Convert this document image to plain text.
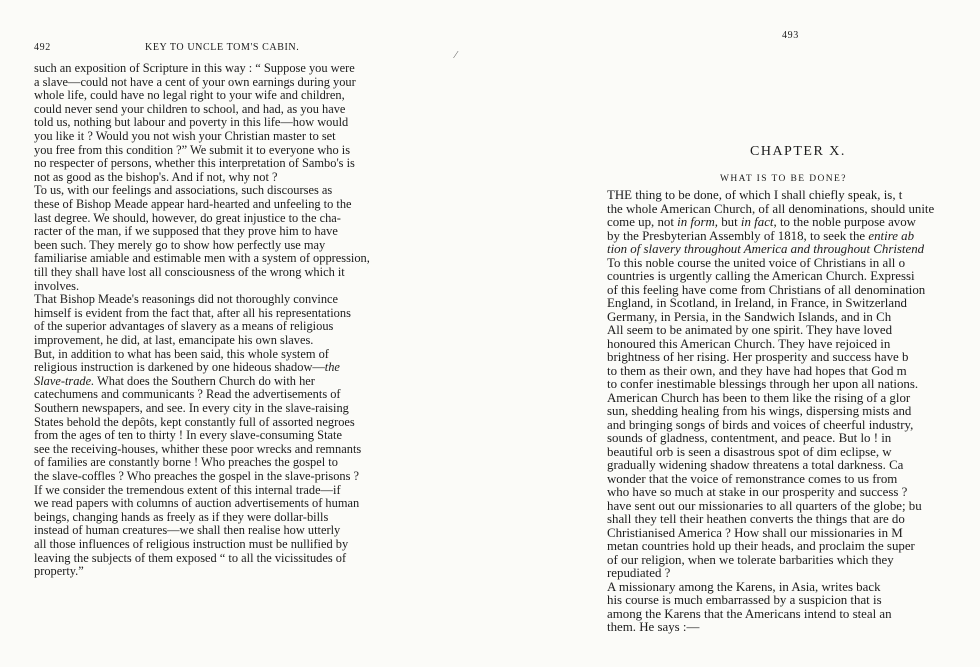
492	KEY TO UNCLE TOM'S CABIN.
such an exposition of Scripture in this way : “ Suppose you were
a slave—could not have a cent of your own earnings during your
whole life, could have no legal right to your wife and children,
could never send your children to school, and had, as you have
told us, nothing but labour and poverty in this life—how would
you like it ? Would you not wish your Christian master to set
you free from this condition ?” We submit it to everyone who is
no respecter of persons, whether this interpretation of Sambo's is
not as good as the bishop's. And if not, why not ?
To us, with our feelings and associations, such discourses as
these of Bishop Meade appear hard-hearted and unfeeling to the
last degree. We should, however, do great injustice to the cha-
racter of the man, if we supposed that they prove him to have
been such. They merely go to show how perfectly use may
familiarise amiable and estimable men with a system of oppression,
till they shall have lost all consciousness of the wrong which it
involves.
That Bishop Meade's reasonings did not thoroughly convince
himself is evident from the fact that, after all his representations
of the superior advantages of slavery as a means of religious
improvement, he did, at last, emancipate his own slaves.
But, in addition to what has been said, this whole system of
religious instruction is darkened by one hideous shadow—the
Slave-trade. What does the Southern Church do with her
catechumens and communicants ? Read the advertisements of
Southern newspapers, and see. In every city in the slave-raising
States behold the depôts, kept constantly full of assorted negroes
from the ages of ten to thirty ! In every slave-consuming State
see the receiving-houses, whither these poor wrecks and remnants
of families are constantly borne ! Who preaches the gospel to
the slave-coffles ? Who preaches the gospel in the slave-prisons ?
If we consider the tremendous extent of this internal trade—if
we read papers with columns of auction advertisements of human
beings, changing hands as freely as if they were dollar-bills
instead of human creatures—we shall then realise how utterly
all those influences of religious instruction must be nullified by
leaving the subjects of them exposed “ to all the vicissitudes of
property.”
⁄
493
CHAPTER X.
WHAT IS TO BE DONE?
THE thing to be done, of which I shall chiefly speak, is, t
the whole American Church, of all denominations, should unite
come up, not in form, but in fact, to the noble purpose avow
by the Presbyterian Assembly of 1818, to seek the entire ab
tion of slavery throughout America and throughout Christend
To this noble course the united voice of Christians in all o
countries is urgently calling the American Church. Expressi
of this feeling have come from Christians of all denomination
England, in Scotland, in Ireland, in France, in Switzerland
Germany, in Persia, in the Sandwich Islands, and in Ch
All seem to be animated by one spirit. They have loved
honoured this American Church. They have rejoiced in
brightness of her rising. Her prosperity and success have b
to them as their own, and they have had hopes that God m
to confer inestimable blessings through her upon all nations.
American Church has been to them like the rising of a glor
sun, shedding healing from his wings, dispersing mists and
and bringing songs of birds and voices of cheerful industry,
sounds of gladness, contentment, and peace. But lo ! in
beautiful orb is seen a disastrous spot of dim eclipse, w
gradually widening shadow threatens a total darkness. Ca
wonder that the voice of remonstrance comes to us from
who have so much at stake in our prosperity and success ?
have sent out our missionaries to all quarters of the globe; bu
shall they tell their heathen converts the things that are do
Christianised America ? How shall our missionaries in M
metan countries hold up their heads, and proclaim the super
of our religion, when we tolerate barbarities which they
repudiated ?
A missionary among the Karens, in Asia, writes back
his course is much embarrassed by a suspicion that is
among the Karens that the Americans intend to steal an
them. He says :—
